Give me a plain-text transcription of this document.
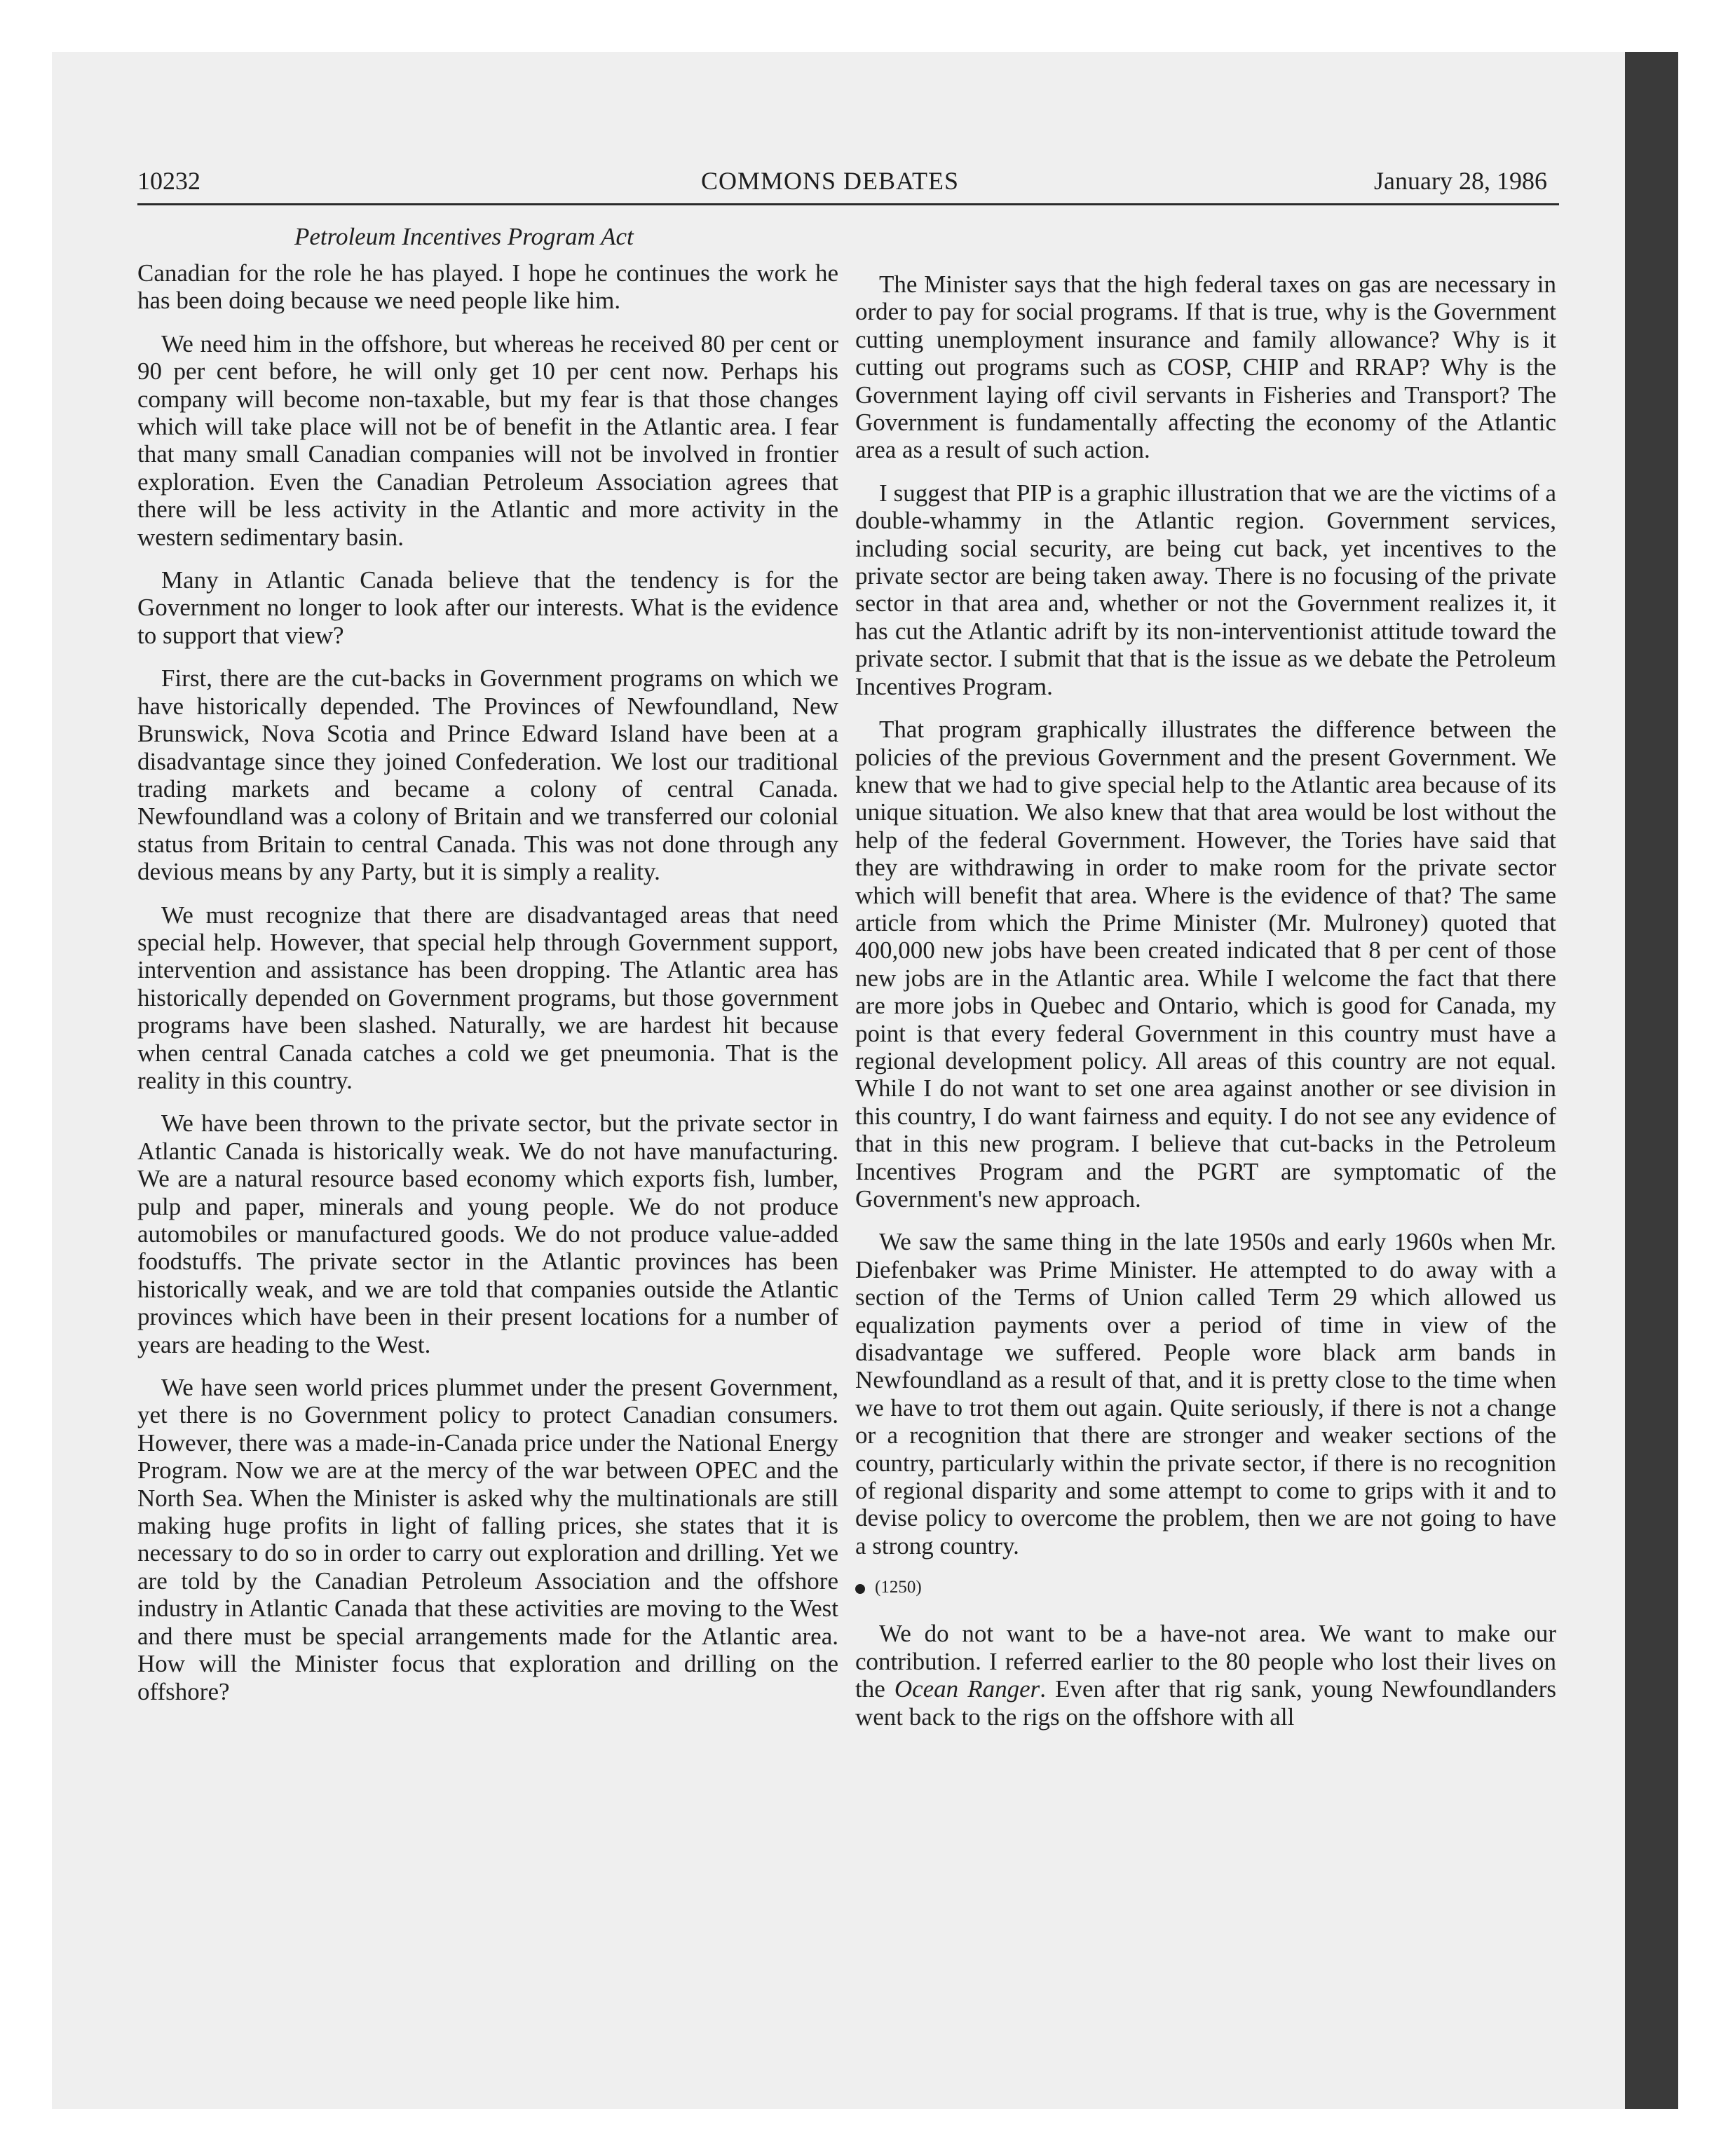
10232	COMMONS DEBATES	January 28, 1986
Petroleum Incentives Program Act

Canadian for the role he has played. I hope he continues the work he has been doing because we need people like him.

We need him in the offshore, but whereas he received 80 per cent or 90 per cent before, he will only get 10 per cent now. Perhaps his company will become non-taxable, but my fear is that those changes which will take place will not be of benefit in the Atlantic area. I fear that many small Canadian companies will not be involved in frontier exploration. Even the Canadian Petroleum Association agrees that there will be less activity in the Atlantic and more activity in the western sedimentary basin.

Many in Atlantic Canada believe that the tendency is for the Government no longer to look after our interests. What is the evidence to support that view?

First, there are the cut-backs in Government programs on which we have historically depended. The Provinces of Newfoundland, New Brunswick, Nova Scotia and Prince Edward Island have been at a disadvantage since they joined Confederation. We lost our traditional trading markets and became a colony of central Canada. Newfoundland was a colony of Britain and we transferred our colonial status from Britain to central Canada. This was not done through any devious means by any Party, but it is simply a reality.

We must recognize that there are disadvantaged areas that need special help. However, that special help through Government support, intervention and assistance has been dropping. The Atlantic area has historically depended on Government programs, but those government programs have been slashed. Naturally, we are hardest hit because when central Canada catches a cold we get pneumonia. That is the reality in this country.

We have been thrown to the private sector, but the private sector in Atlantic Canada is historically weak. We do not have manufacturing. We are a natural resource based economy which exports fish, lumber, pulp and paper, minerals and young people. We do not produce automobiles or manufactured goods. We do not produce value-added foodstuffs. The private sector in the Atlantic provinces has been historically weak, and we are told that companies outside the Atlantic provinces which have been in their present locations for a number of years are heading to the West.

We have seen world prices plummet under the present Government, yet there is no Government policy to protect Canadian consumers. However, there was a made-in-Canada price under the National Energy Program. Now we are at the mercy of the war between OPEC and the North Sea. When the Minister is asked why the multinationals are still making huge profits in light of falling prices, she states that it is necessary to do so in order to carry out exploration and drilling. Yet we are told by the Canadian Petroleum Association and the offshore industry in Atlantic Canada that these activities are moving to the West and there must be special arrangements made for the Atlantic area. How will the Minister focus that exploration and drilling on the offshore?

The Minister says that the high federal taxes on gas are necessary in order to pay for social programs. If that is true, why is the Government cutting unemployment insurance and family allowance? Why is it cutting out programs such as COSP, CHIP and RRAP? Why is the Government laying off civil servants in Fisheries and Transport? The Government is fundamentally affecting the economy of the Atlantic area as a result of such action.

I suggest that PIP is a graphic illustration that we are the victims of a double-whammy in the Atlantic region. Government services, including social security, are being cut back, yet incentives to the private sector are being taken away. There is no focusing of the private sector in that area and, whether or not the Government realizes it, it has cut the Atlantic adrift by its non-interventionist attitude toward the private sector. I submit that that is the issue as we debate the Petroleum Incentives Program.

That program graphically illustrates the difference between the policies of the previous Government and the present Government. We knew that we had to give special help to the Atlantic area because of its unique situation. We also knew that that area would be lost without the help of the federal Government. However, the Tories have said that they are withdrawing in order to make room for the private sector which will benefit that area. Where is the evidence of that? The same article from which the Prime Minister (Mr. Mulroney) quoted that 400,000 new jobs have been created indicated that 8 per cent of those new jobs are in the Atlantic area. While I welcome the fact that there are more jobs in Quebec and Ontario, which is good for Canada, my point is that every federal Government in this country must have a regional development policy. All areas of this country are not equal. While I do not want to set one area against another or see division in this country, I do want fairness and equity. I do not see any evidence of that in this new program. I believe that cut-backs in the Petroleum Incentives Program and the PGRT are symptomatic of the Government's new approach.

We saw the same thing in the late 1950s and early 1960s when Mr. Diefenbaker was Prime Minister. He attempted to do away with a section of the Terms of Union called Term 29 which allowed us equalization payments over a period of time in view of the disadvantage we suffered. People wore black arm bands in Newfoundland as a result of that, and it is pretty close to the time when we have to trot them out again. Quite seriously, if there is not a change or a recognition that there are stronger and weaker sections of the country, particularly within the private sector, if there is no recognition of regional disparity and some attempt to come to grips with it and to devise policy to overcome the problem, then we are not going to have a strong country.

(1250)

We do not want to be a have-not area. We want to make our contribution. I referred earlier to the 80 people who lost their lives on the Ocean Ranger. Even after that rig sank, young Newfoundlanders went back to the rigs on the offshore with all
